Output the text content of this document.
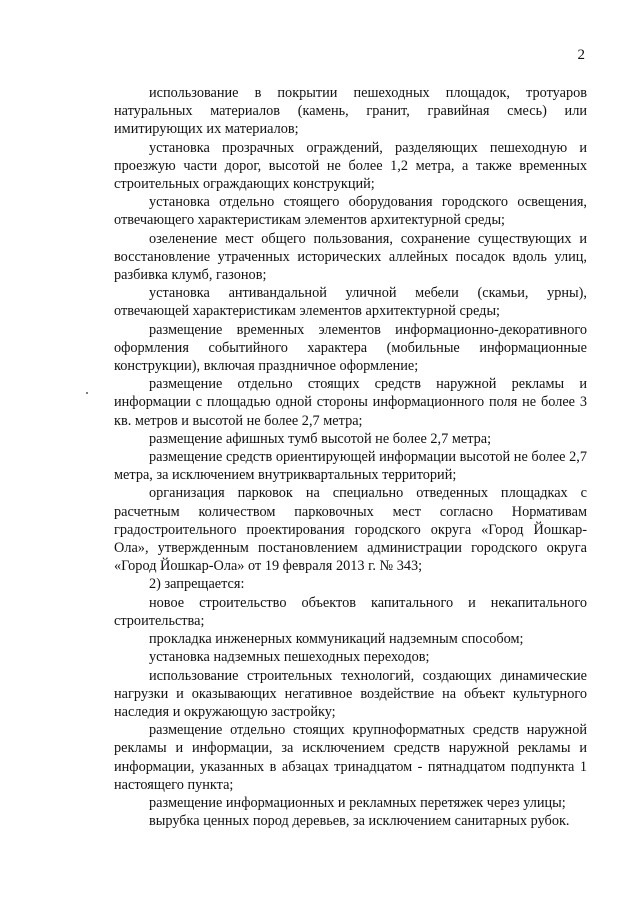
2

использование в покрытии пешеходных площадок, тротуаров натуральных материалов (камень, гранит, гравийная смесь) или имитирующих их материалов;

установка прозрачных ограждений, разделяющих пешеходную и проезжую части дорог, высотой не более 1,2 метра, а также временных строительных ограждающих конструкций;

установка отдельно стоящего оборудования городского освещения, отвечающего характеристикам элементов архитектурной среды;

озеленение мест общего пользования, сохранение существующих и восстановление утраченных исторических аллейных посадок вдоль улиц, разбивка клумб, газонов;

установка антивандальной уличной мебели (скамьи, урны), отвечающей характеристикам элементов архитектурной среды;

размещение временных элементов информационно-декоративного оформления событийного характера (мобильные информационные конструкции), включая праздничное оформление;

размещение отдельно стоящих средств наружной рекламы и информации с площадью одной стороны информационного поля не более 3 кв. метров и высотой не более 2,7 метра;

размещение афишных тумб высотой не более 2,7 метра;

размещение средств ориентирующей информации высотой не более 2,7 метра, за исключением внутриквартальных территорий;

организация парковок на специально отведенных площадках с расчетным количеством парковочных мест согласно Нормативам градостроительного проектирования городского округа «Город Йошкар-Ола», утвержденным постановлением администрации городского округа «Город Йошкар-Ола» от 19 февраля 2013 г. № 343;

2) запрещается:

новое строительство объектов капитального и некапитального строительства;

прокладка инженерных коммуникаций надземным способом;

установка надземных пешеходных переходов;

использование строительных технологий, создающих динамические нагрузки и оказывающих негативное воздействие на объект культурного наследия и окружающую застройку;

размещение отдельно стоящих крупноформатных средств наружной рекламы и информации, за исключением средств наружной рекламы и информации, указанных в абзацах тринадцатом - пятнадцатом подпункта 1 настоящего пункта;

размещение информационных и рекламных перетяжек через улицы;

вырубка ценных пород деревьев, за исключением санитарных рубок.
